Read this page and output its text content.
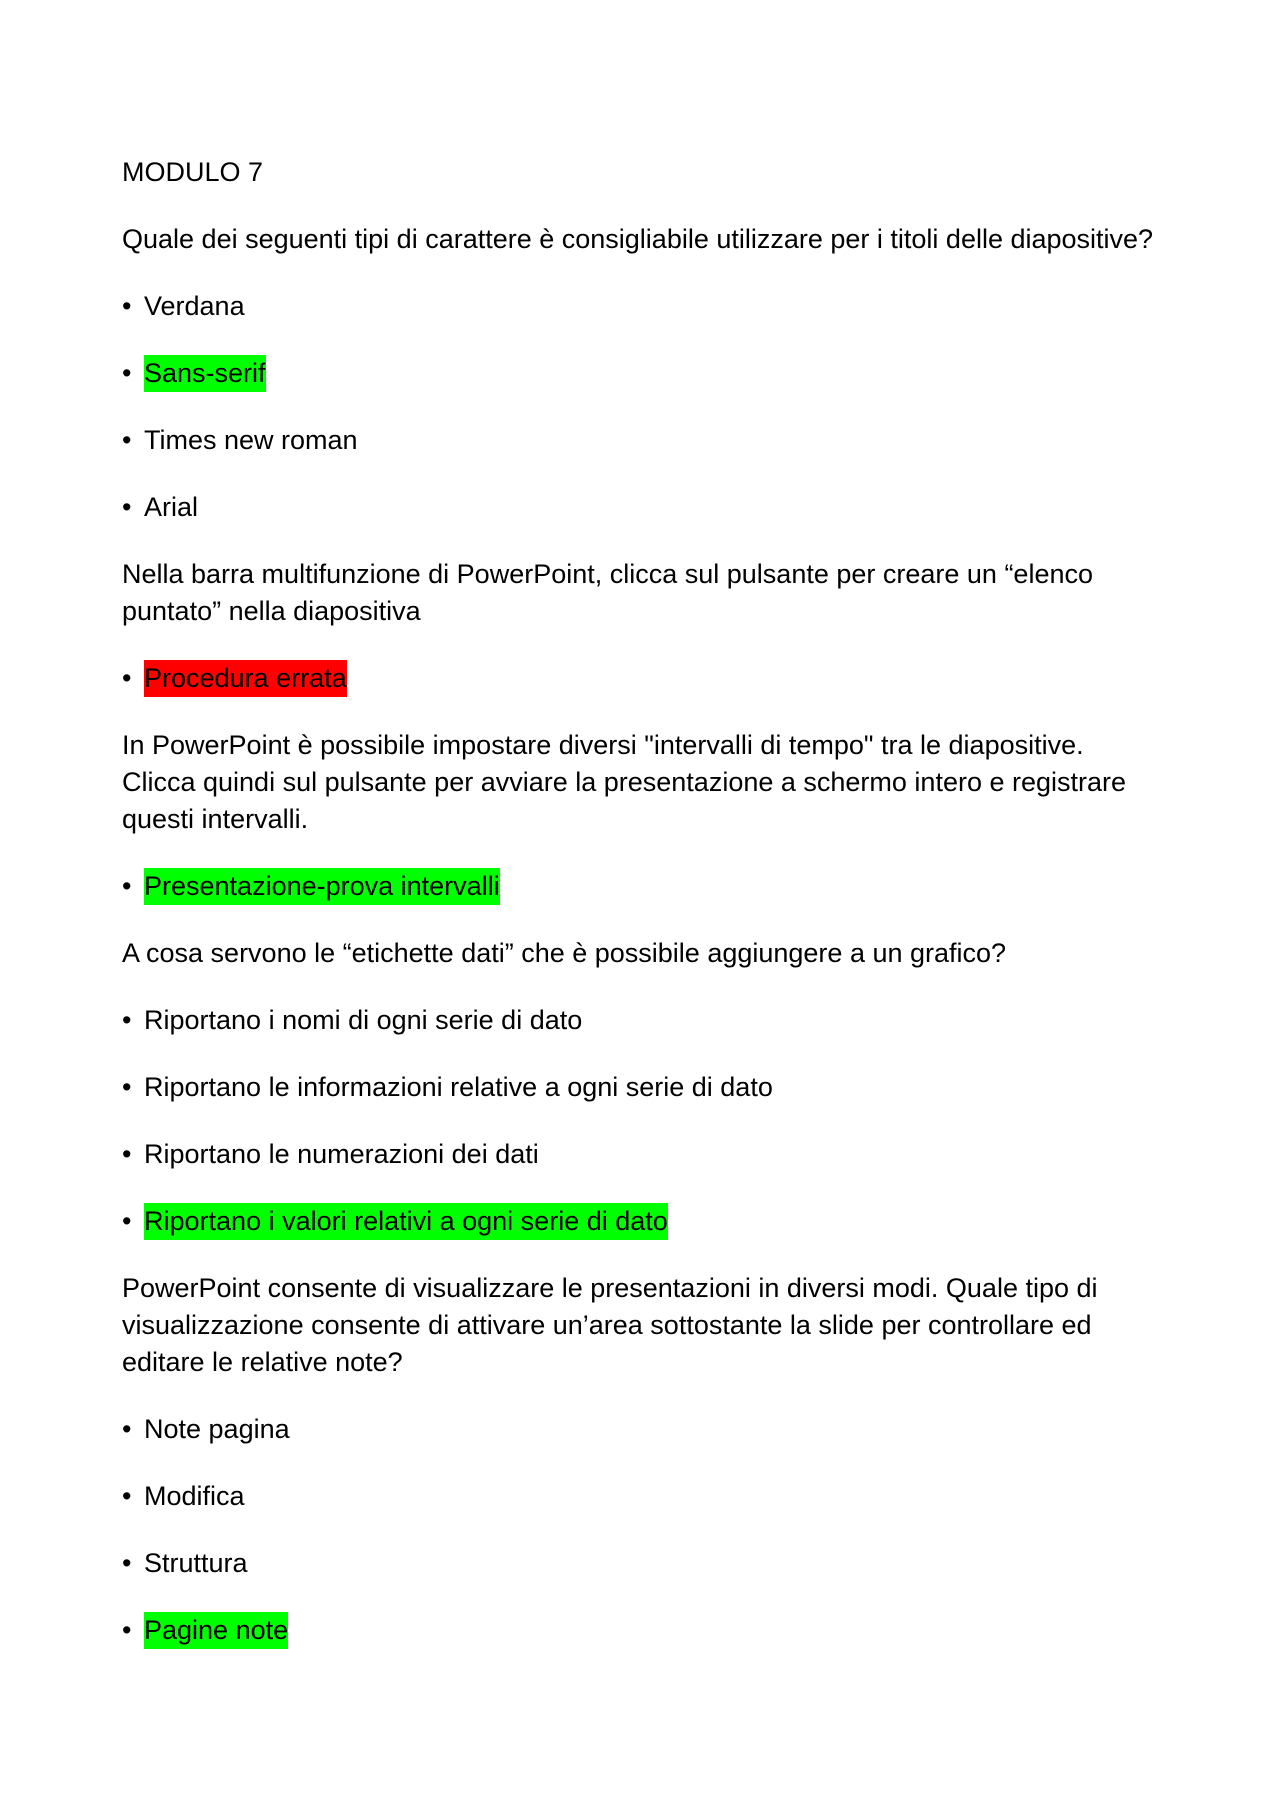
MODULO 7
Quale dei seguenti tipi di carattere è consigliabile utilizzare per i titoli delle diapositive?
• Verdana
• Sans-serif
• Times new roman
• Arial
Nella barra multifunzione di PowerPoint, clicca sul pulsante per creare un “elenco puntato” nella diapositiva
• Procedura errata
In PowerPoint è possibile impostare diversi "intervalli di tempo" tra le diapositive. Clicca quindi sul pulsante per avviare la presentazione a schermo intero e registrare questi intervalli.
• Presentazione-prova intervalli
A cosa servono le “etichette dati” che è possibile aggiungere a un grafico?
• Riportano i nomi di ogni serie di dato
• Riportano le informazioni relative a ogni serie di dato
• Riportano le numerazioni dei dati
• Riportano i valori relativi a ogni serie di dato
PowerPoint consente di visualizzare le presentazioni in diversi modi. Quale tipo di visualizzazione consente di attivare un’area sottostante la slide per controllare ed editare le relative note?
• Note pagina
• Modifica
• Struttura
• Pagine note
